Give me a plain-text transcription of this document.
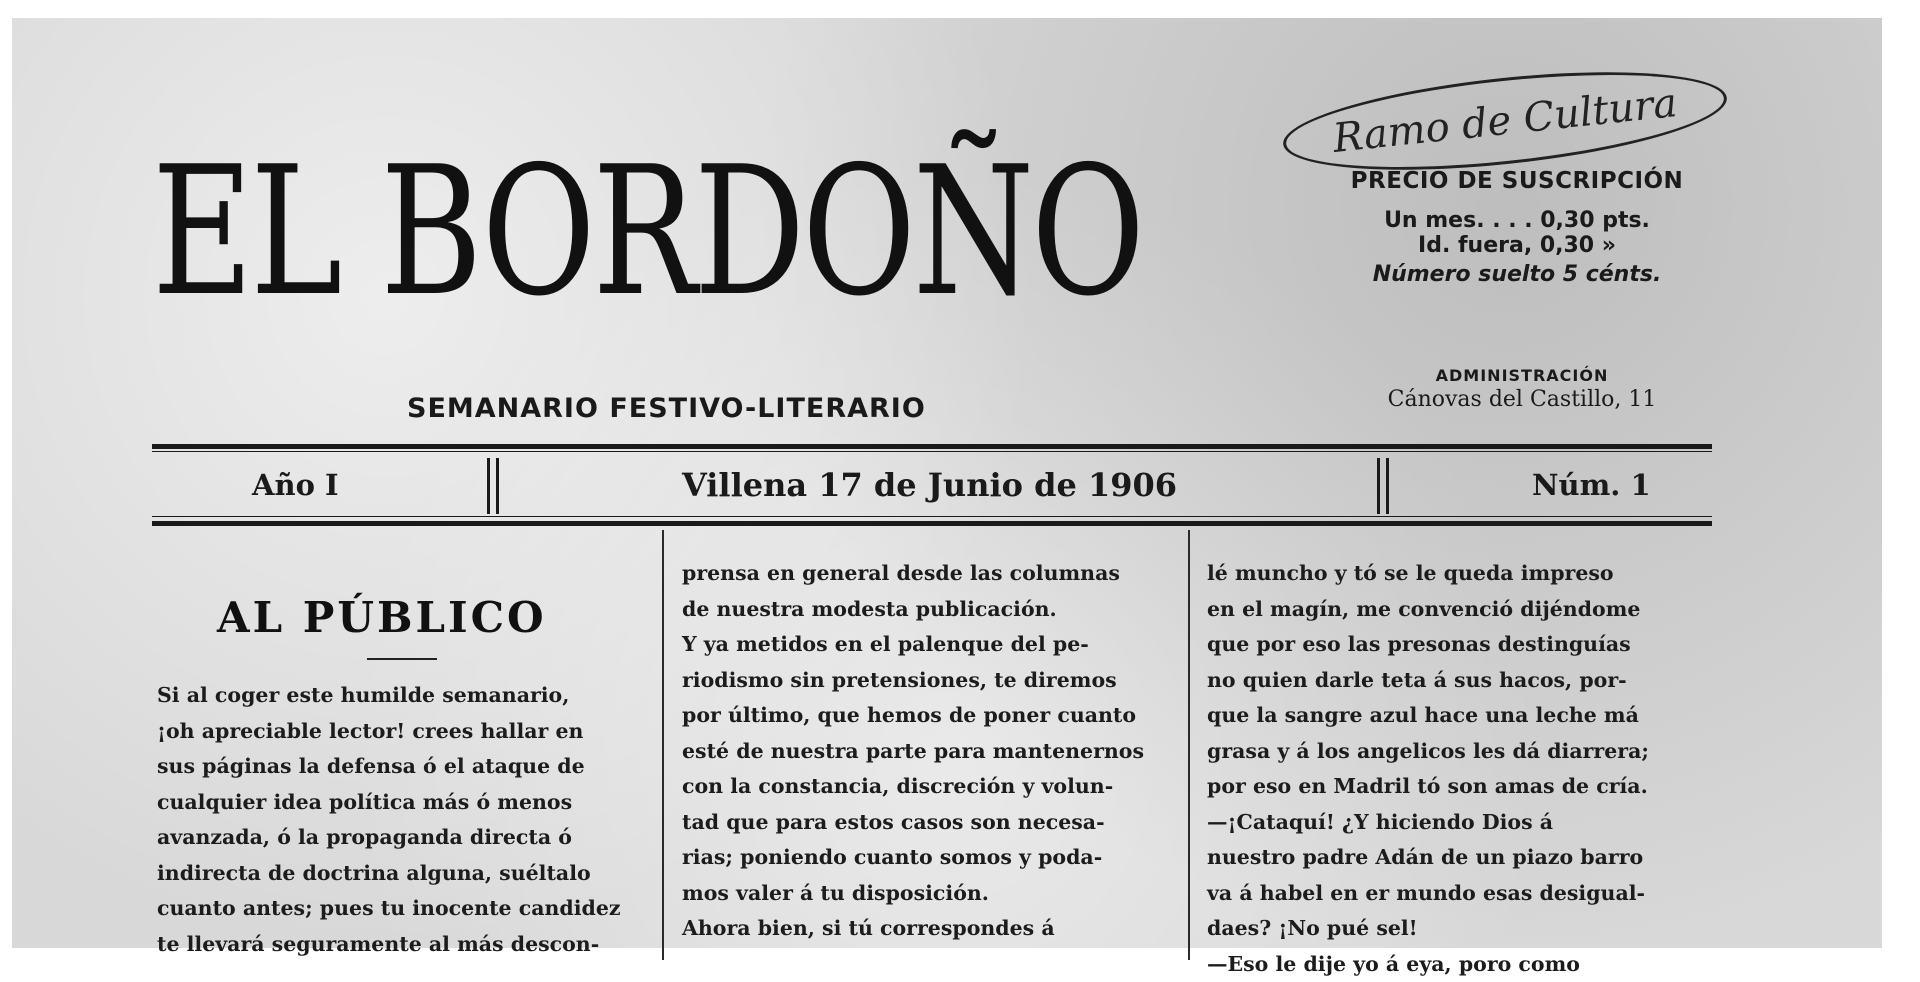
EL BORDOÑO
SEMANARIO FESTIVO-LITERARIO
Ramo de Cultura
PRECIO DE SUSCRIPCIÓN
Un mes. . . . 0,30 pts.
Id. fuera, 0,30 »
Número suelto 5 cénts.
ADMINISTRACIÓN
Cánovas del Castillo, 11
Año I	Villena 17 de Junio de 1906	Núm. 1
AL PÚBLICO

Si al coger este humilde semanario,

¡oh apreciable lector! crees hallar en

sus páginas la defensa ó el ataque de

cualquier idea política más ó menos

avanzada, ó la propaganda directa ó

indirecta de doctrina alguna, suéltalo

cuanto antes; pues tu inocente candidez

te llevará seguramente al más descon-

prensa en general desde las columnas

de nuestra modesta publicación.

Y ya metidos en el palenque del pe-

riodismo sin pretensiones, te diremos

por último, que hemos de poner cuanto

esté de nuestra parte para mantenernos

con la constancia, discreción y volun-

tad que para estos casos son necesa-

rias; poniendo cuanto somos y poda-

mos valer á tu disposición.

Ahora bien, si tú correspondes á

lé muncho y tó se le queda impreso

en el magín, me convenció dijéndome

que por eso las presonas destinguías

no quien darle teta á sus hacos, por-

que la sangre azul hace una leche má

grasa y á los angelicos les dá diarrera;

por eso en Madril tó son amas de cría.

—¡Cataquí! ¿Y hiciendo Dios á

nuestro padre Adán de un piazo barro

va á habel en er mundo esas desigual-

daes? ¡No pué sel!

—Eso le dije yo á eya, poro como
